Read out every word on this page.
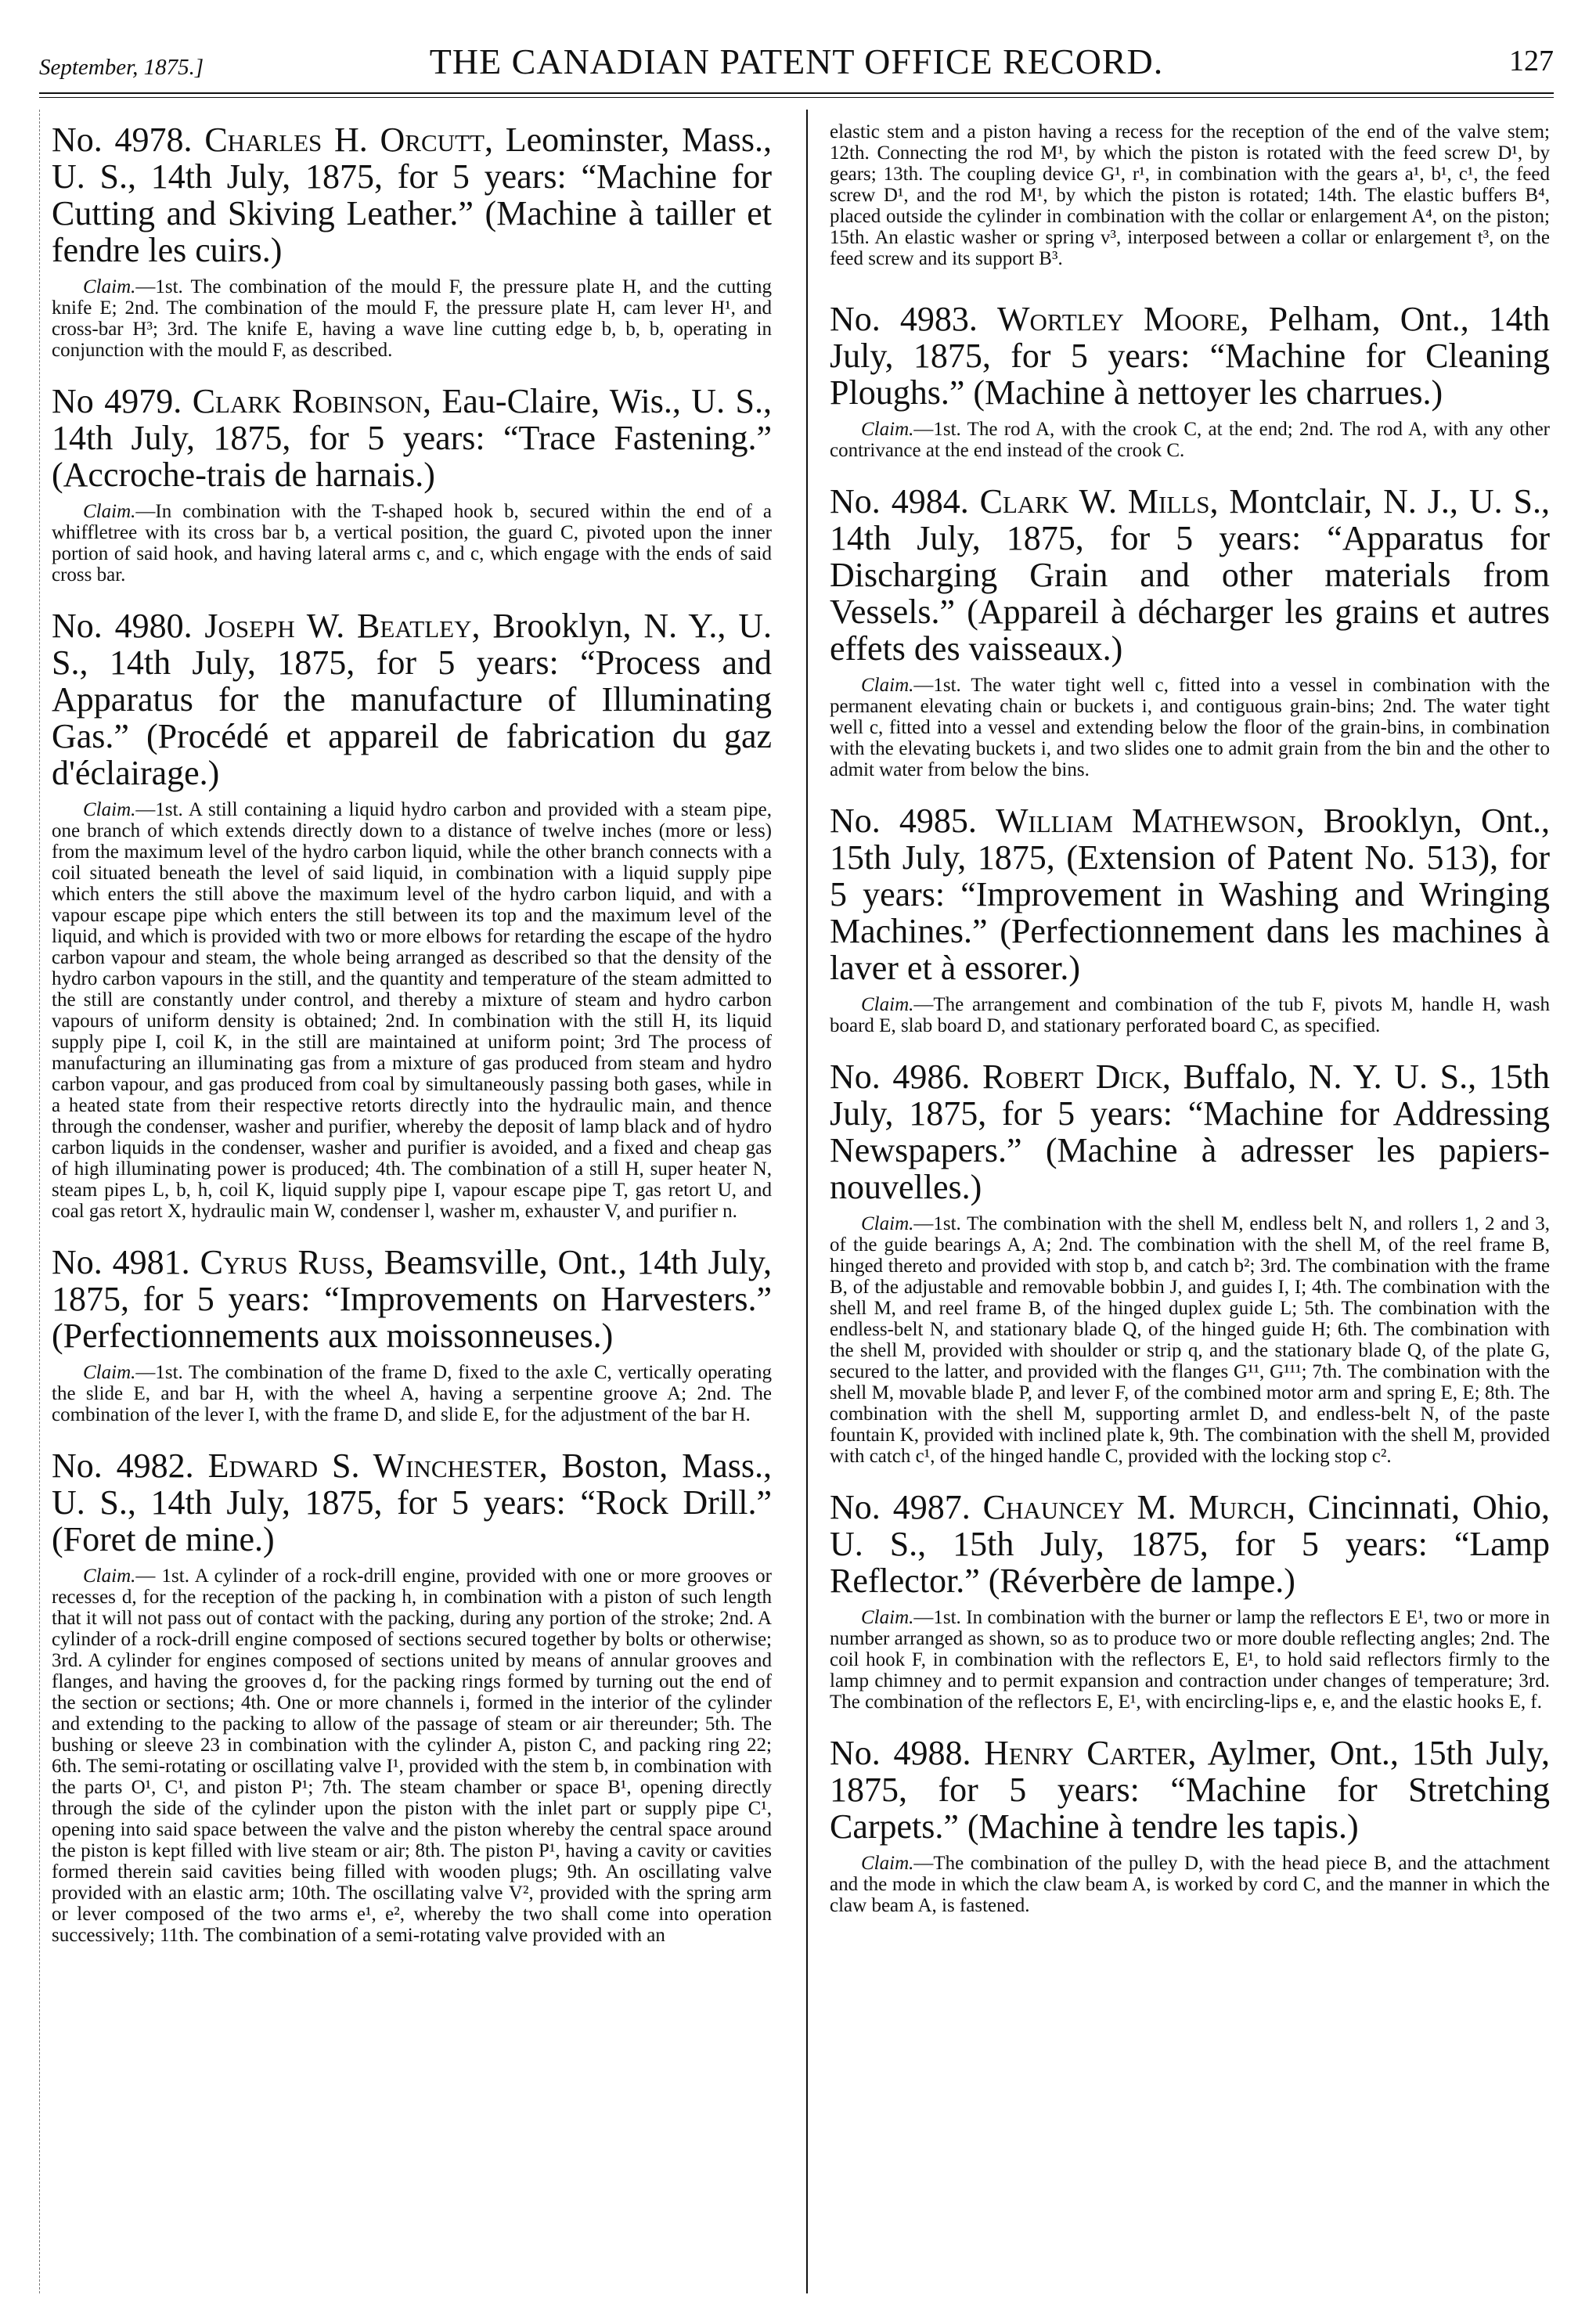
September, 1875.]	THE CANADIAN PATENT OFFICE RECORD.	127

No. 4978. Charles H. Orcutt, Leominster, Mass., U. S., 14th July, 1875, for 5 years: “Machine for Cutting and Skiving Leather.” (Machine à tailler et fendre les cuirs.)

Claim.—1st. The combination of the mould F, the pressure plate H, and the cutting knife E; 2nd. The combination of the mould F, the pressure plate H, cam lever H¹, and cross-bar H³; 3rd. The knife E, having a wave line cutting edge b, b, b, operating in conjunction with the mould F, as described.

No 4979. Clark Robinson, Eau-Claire, Wis., U. S., 14th July, 1875, for 5 years: “Trace Fastening.” (Accroche-trais de harnais.)

Claim.—In combination with the T-shaped hook b, secured within the end of a whiffletree with its cross bar b, a vertical position, the guard C, pivoted upon the inner portion of said hook, and having lateral arms c, and c, which engage with the ends of said cross bar.

No. 4980. Joseph W. Beatley, Brooklyn, N. Y., U. S., 14th July, 1875, for 5 years: “Process and Apparatus for the manufacture of Illuminating Gas.” (Procédé et appareil de fabrication du gaz d'éclairage.)

Claim.—1st. A still containing a liquid hydro carbon and provided with a steam pipe, one branch of which extends directly down to a distance of twelve inches (more or less) from the maximum level of the hydro carbon liquid, while the other branch connects with a coil situated beneath the level of said liquid, in combination with a liquid supply pipe which enters the still above the maximum level of the hydro carbon liquid, and with a vapour escape pipe which enters the still between its top and the maximum level of the liquid, and which is provided with two or more elbows for retarding the escape of the hydro carbon vapour and steam, the whole being arranged as described so that the density of the hydro carbon vapours in the still, and the quantity and temperature of the steam admitted to the still are constantly under control, and thereby a mixture of steam and hydro carbon vapours of uniform density is obtained; 2nd. In combination with the still H, its liquid supply pipe I, coil K, in the still are maintained at uniform point; 3rd The process of manufacturing an illuminating gas from a mixture of gas produced from steam and hydro carbon vapour, and gas produced from coal by simultaneously passing both gases, while in a heated state from their respective retorts directly into the hydraulic main, and thence through the condenser, washer and purifier, whereby the deposit of lamp black and of hydro carbon liquids in the condenser, washer and purifier is avoided, and a fixed and cheap gas of high illuminating power is produced; 4th. The combination of a still H, super heater N, steam pipes L, b, h, coil K, liquid supply pipe I, vapour escape pipe T, gas retort U, and coal gas retort X, hydraulic main W, condenser l, washer m, exhauster V, and purifier n.

No. 4981. Cyrus Russ, Beamsville, Ont., 14th July, 1875, for 5 years: “Improvements on Harvesters.” (Perfectionnements aux moissonneuses.)

Claim.—1st. The combination of the frame D, fixed to the axle C, vertically operating the slide E, and bar H, with the wheel A, having a serpentine groove A; 2nd. The combination of the lever I, with the frame D, and slide E, for the adjustment of the bar H.

No. 4982. Edward S. Winchester, Boston, Mass., U. S., 14th July, 1875, for 5 years: “Rock Drill.” (Foret de mine.)

Claim.— 1st. A cylinder of a rock-drill engine, provided with one or more grooves or recesses d, for the reception of the packing h, in combination with a piston of such length that it will not pass out of contact with the packing, during any portion of the stroke; 2nd. A cylinder of a rock-drill engine composed of sections secured together by bolts or otherwise; 3rd. A cylinder for engines composed of sections united by means of annular grooves and flanges, and having the grooves d, for the packing rings formed by turning out the end of the section or sections; 4th. One or more channels i, formed in the interior of the cylinder and extending to the packing to allow of the passage of steam or air thereunder; 5th. The bushing or sleeve 23 in combination with the cylinder A, piston C, and packing ring 22; 6th. The semi-rotating or oscillating valve I¹, provided with the stem b, in combination with the parts O¹, C¹, and piston P¹; 7th. The steam chamber or space B¹, opening directly through the side of the cylinder upon the piston with the inlet part or supply pipe C¹, opening into said space between the valve and the piston whereby the central space around the piston is kept filled with live steam or air; 8th. The piston P¹, having a cavity or cavities formed therein said cavities being filled with wooden plugs; 9th. An oscillating valve provided with an elastic arm; 10th. The oscillating valve V², provided with the spring arm or lever composed of the two arms e¹, e², whereby the two shall come into operation successively; 11th. The combination of a semi-rotating valve provided with an

elastic stem and a piston having a recess for the reception of the end of the valve stem; 12th. Connecting the rod M¹, by which the piston is rotated with the feed screw D¹, by gears; 13th. The coupling device G¹, r¹, in combination with the gears a¹, b¹, c¹, the feed screw D¹, and the rod M¹, by which the piston is rotated; 14th. The elastic buffers B⁴, placed outside the cylinder in combination with the collar or enlargement A⁴, on the piston; 15th. An elastic washer or spring v³, interposed between a collar or enlargement t³, on the feed screw and its support B³.

No. 4983. Wortley Moore, Pelham, Ont., 14th July, 1875, for 5 years: “Machine for Cleaning Ploughs.” (Machine à nettoyer les charrues.)

Claim.—1st. The rod A, with the crook C, at the end; 2nd. The rod A, with any other contrivance at the end instead of the crook C.

No. 4984. Clark W. Mills, Montclair, N. J., U. S., 14th July, 1875, for 5 years: “Apparatus for Discharging Grain and other materials from Vessels.” (Appareil à décharger les grains et autres effets des vaisseaux.)

Claim.—1st. The water tight well c, fitted into a vessel in combination with the permanent elevating chain or buckets i, and contiguous grain-bins; 2nd. The water tight well c, fitted into a vessel and extending below the floor of the grain-bins, in combination with the elevating buckets i, and two slides one to admit grain from the bin and the other to admit water from below the bins.

No. 4985. William Mathewson, Brooklyn, Ont., 15th July, 1875, (Extension of Patent No. 513), for 5 years: “Improvement in Washing and Wringing Machines.” (Perfectionnement dans les machines à laver et à essorer.)

Claim.—The arrangement and combination of the tub F, pivots M, handle H, wash board E, slab board D, and stationary perforated board C, as specified.

No. 4986. Robert Dick, Buffalo, N. Y. U. S., 15th July, 1875, for 5 years: “Machine for Addressing Newspapers.” (Machine à adresser les papiers-nouvelles.)

Claim.—1st. The combination with the shell M, endless belt N, and rollers 1, 2 and 3, of the guide bearings A, A; 2nd. The combination with the shell M, of the reel frame B, hinged thereto and provided with stop b, and catch b²; 3rd. The combination with the frame B, of the adjustable and removable bobbin J, and guides I, I; 4th. The combination with the shell M, and reel frame B, of the hinged duplex guide L; 5th. The combination with the endless-belt N, and stationary blade Q, of the hinged guide H; 6th. The combination with the shell M, provided with shoulder or strip q, and the stationary blade Q, of the plate G, secured to the latter, and provided with the flanges G¹¹, G¹¹¹; 7th. The combination with the shell M, movable blade P, and lever F, of the combined motor arm and spring E, E; 8th. The combination with the shell M, supporting armlet D, and endless-belt N, of the paste fountain K, provided with inclined plate k, 9th. The combination with the shell M, provided with catch c¹, of the hinged handle C, provided with the locking stop c².

No. 4987. Chauncey M. Murch, Cincinnati, Ohio, U. S., 15th July, 1875, for 5 years: “Lamp Reflector.” (Réverbère de lampe.)

Claim.—1st. In combination with the burner or lamp the reflectors E E¹, two or more in number arranged as shown, so as to produce two or more double reflecting angles; 2nd. The coil hook F, in combination with the reflectors E, E¹, to hold said reflectors firmly to the lamp chimney and to permit expansion and contraction under changes of temperature; 3rd. The combination of the reflectors E, E¹, with encircling-lips e, e, and the elastic hooks E, f.

No. 4988. Henry Carter, Aylmer, Ont., 15th July, 1875, for 5 years: “Machine for Stretching Carpets.” (Machine à tendre les tapis.)

Claim.—The combination of the pulley D, with the head piece B, and the attachment and the mode in which the claw beam A, is worked by cord C, and the manner in which the claw beam A, is fastened.
